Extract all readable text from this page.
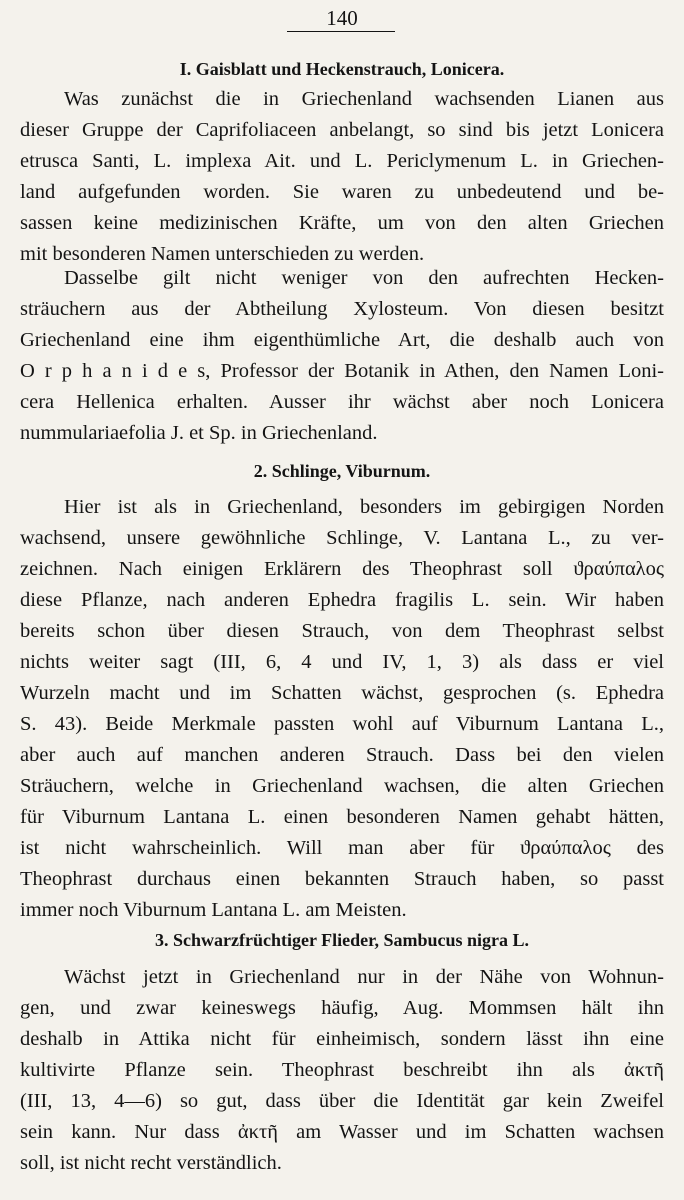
140
I. Gaisblatt und Heckenstrauch, Lonicera.
Was zunächst die in Griechenland wachsenden Lianen aus
dieser Gruppe der Caprifoliaceen anbelangt, so sind bis jetzt Lonicera
etrusca Santi, L. implexa Ait. und L. Periclymenum L. in Griechen-
land aufgefunden worden. Sie waren zu unbedeutend und be-
sassen keine medizinischen Kräfte, um von den alten Griechen
mit besonderen Namen unterschieden zu werden.
Dasselbe gilt nicht weniger von den aufrechten Hecken-
sträuchern aus der Abtheilung Xylosteum. Von diesen besitzt
Griechenland eine ihm eigenthümliche Art, die deshalb auch von
O r p h a n i d e s, Professor der Botanik in Athen, den Namen Loni-
cera Hellenica erhalten. Ausser ihr wächst aber noch Lonicera
nummulariaefolia J. et Sp. in Griechenland.
2. Schlinge, Viburnum.
Hier ist als in Griechenland, besonders im gebirgigen Norden
wachsend, unsere gewöhnliche Schlinge, V. Lantana L., zu ver-
zeichnen. Nach einigen Erklärern des Theophrast soll ϑραύπαλος
diese Pflanze, nach anderen Ephedra fragilis L. sein. Wir haben
bereits schon über diesen Strauch, von dem Theophrast selbst
nichts weiter sagt (III, 6, 4 und IV, 1, 3) als dass er viel
Wurzeln macht und im Schatten wächst, gesprochen (s. Ephedra
S. 43). Beide Merkmale passten wohl auf Viburnum Lantana L.,
aber auch auf manchen anderen Strauch. Dass bei den vielen
Sträuchern, welche in Griechenland wachsen, die alten Griechen
für Viburnum Lantana L. einen besonderen Namen gehabt hätten,
ist nicht wahrscheinlich. Will man aber für ϑραύπαλος des
Theophrast durchaus einen bekannten Strauch haben, so passt
immer noch Viburnum Lantana L. am Meisten.
3. Schwarzfrüchtiger Flieder, Sambucus nigra L.
Wächst jetzt in Griechenland nur in der Nähe von Wohnun-
gen, und zwar keineswegs häufig, Aug. Mommsen hält ihn
deshalb in Attika nicht für einheimisch, sondern lässt ihn eine
kultivirte Pflanze sein. Theophrast beschreibt ihn als ἀκτῆ
(III, 13, 4—6) so gut, dass über die Identität gar kein Zweifel
sein kann. Nur dass ἀκτῆ am Wasser und im Schatten wachsen
soll, ist nicht recht verständlich.
